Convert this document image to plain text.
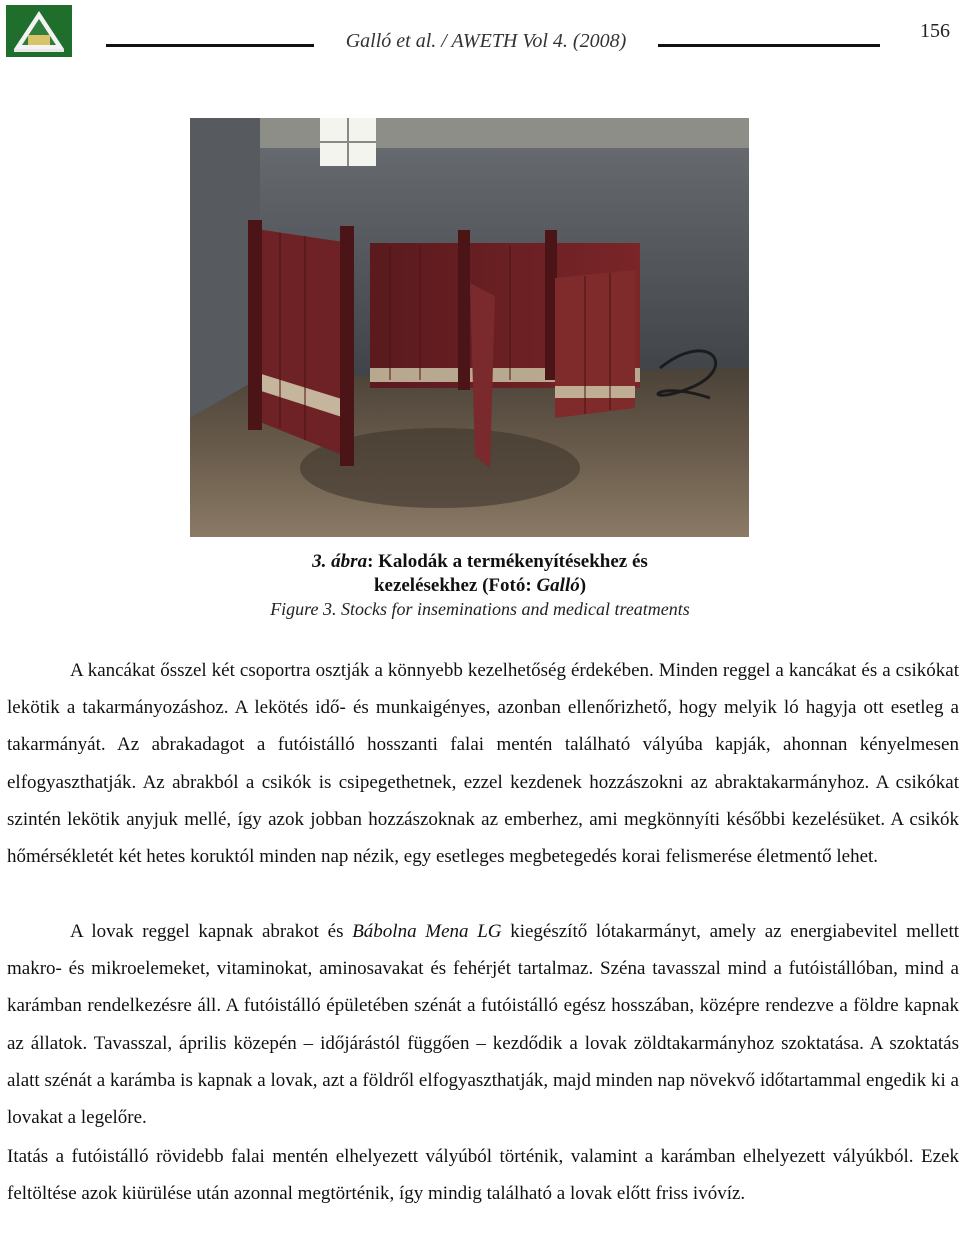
Galló et al. / AWETH Vol 4. (2008)	156
3. ábra: Kalodák a termékenyítésekhez és
kezelésekhez (Fotó: Galló)
Figure 3. Stocks for inseminations and medical treatments
A kancákat ősszel két csoportra osztják a könnyebb kezelhetőség érdekében. Minden reggel a kancákat és a csikókat lekötik a takarmányozáshoz. A lekötés idő- és munkaigényes, azonban ellenőrizhető, hogy melyik ló hagyja ott esetleg a takarmányát. Az abrakadagot a futóistálló hosszanti falai mentén található vályúba kapják, ahonnan kényelmesen elfogyaszthatják. Az abrakból a csikók is csipegethetnek, ezzel kezdenek hozzászokni az abraktakarmányhoz. A csikókat szintén lekötik anyjuk mellé, így azok jobban hozzászoknak az emberhez, ami megkönnyíti későbbi kezelésüket. A csikók hőmérsékletét két hetes koruktól minden nap nézik, egy esetleges megbetegedés korai felismerése életmentő lehet.
A lovak reggel kapnak abrakot és Bábolna Mena LG kiegészítő lótakarmányt, amely az energiabevitel mellett makro- és mikroelemeket, vitaminokat, aminosavakat és fehérjét tartalmaz. Széna tavasszal mind a futóistállóban, mind a karámban rendelkezésre áll. A futóistálló épületében szénát a futóistálló egész hosszában, középre rendezve a földre kapnak az állatok. Tavasszal, április közepén – időjárástól függően – kezdődik a lovak zöldtakarmányhoz szoktatása. A szoktatás alatt szénát a karámba is kapnak a lovak, azt a földről elfogyaszthatják, majd minden nap növekvő időtartammal engedik ki a lovakat a legelőre.
Itatás a futóistálló rövidebb falai mentén elhelyezett vályúból történik, valamint a karámban elhelyezett vályúkból. Ezek feltöltése azok kiürülése után azonnal megtörténik, így mindig található a lovak előtt friss ivóvíz.
